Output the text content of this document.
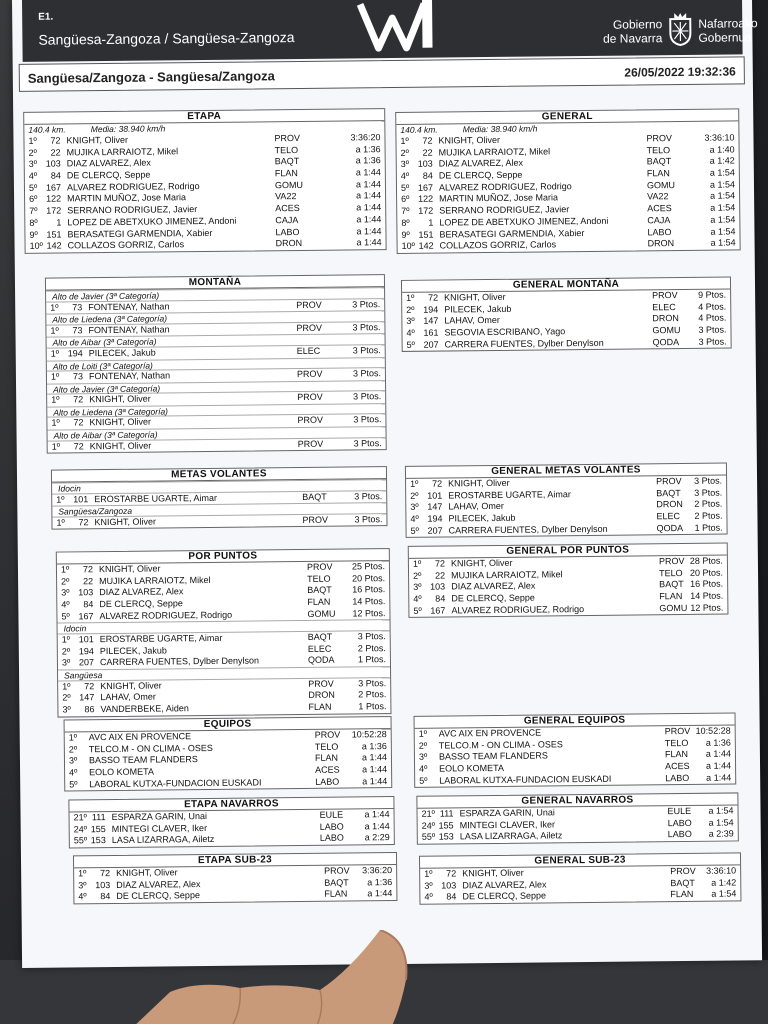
E1.
Sangüesa-Zangoza / Sangüesa-Zangoza
Gobierno
de Navarra
Nafarroako
Gobernua
Sangüesa/Zangoza - Sangüesa/Zangoza	26/05/2022 19:32:36
ETAPA
140.4 km.	Media: 38.940 km/h
1º	72 KNIGHT, Oliver	PROV	3:36:20
2º	22 MUJIKA LARRAIOTZ, Mikel	TELO	a 1:36
3º 103 DIAZ ALVAREZ, Alex	BAQT	a 1:36
4º	84 DE CLERCQ, Seppe	FLAN	a 1:44
5º 167 ALVAREZ RODRIGUEZ, Rodrigo	GOMU	a 1:44
6º 122 MARTIN MUÑOZ, Jose Maria	VA22	a 1:44
7º 172 SERRANO RODRIGUEZ, Javier	ACES	a 1:44
8º	1 LOPEZ DE ABETXUKO JIMENEZ, Andoni	CAJA	a 1:44
9º 151 BERASATEGI GARMENDIA, Xabier	LABO	a 1:44
10º 142 COLLAZOS GORRIZ, Carlos	DRON	a 1:44
MONTAÑA
Alto de Javier (3ª Categoría)
1º	73 FONTENAY, Nathan	PROV	3 Ptos.
Alto de Liedena (3ª Categoría)
1º	73 FONTENAY, Nathan	PROV	3 Ptos.
Alto de Aibar (3ª Categoría)
1º 194 PILECEK, Jakub	ELEC	3 Ptos.
Alto de Loiti (3ª Categoría)
1º	73 FONTENAY, Nathan	PROV	3 Ptos.
Alto de Javier (3ª Categoría)
1º	72 KNIGHT, Oliver	PROV	3 Ptos.
Alto de Liedena (3ª Categoría)
1º	72 KNIGHT, Oliver	PROV	3 Ptos.
Alto de Aibar (3ª Categoría)
1º	72 KNIGHT, Oliver	PROV	3 Ptos.
METAS VOLANTES
Idocin
1º 101 EROSTARBE UGARTE, Aimar	BAQT	3 Ptos.
Sangüesa/Zangoza
1º	72 KNIGHT, Oliver	PROV	3 Ptos.
POR PUNTOS
1º	72 KNIGHT, Oliver	PROV 25 Ptos.
2º	22 MUJIKA LARRAIOTZ, Mikel	TELO 20 Ptos.
3º 103 DIAZ ALVAREZ, Alex	BAQT 16 Ptos.
4º	84 DE CLERCQ, Seppe	FLAN 14 Ptos.
5º 167 ALVAREZ RODRIGUEZ, Rodrigo	GOMU 12 Ptos.
Idocin
1º 101 EROSTARBE UGARTE, Aimar	BAQT	3 Ptos.
2º 194 PILECEK, Jakub	ELEC	2 Ptos.
3º 207 CARRERA FUENTES, Dylber Denylson	QODA	1 Ptos.
Sangüesa
1º	72 KNIGHT, Oliver	PROV	3 Ptos.
2º 147 LAHAV, Omer	DRON	2 Ptos.
3º	86 VANDERBEKE, Aiden	FLAN	1 Ptos.
EQUIPOS
1º AVC AIX EN PROVENCE	PROV 10:52:28
2º TELCO.M - ON CLIMA - OSES	TELO	a 1:36
3º BASSO TEAM FLANDERS	FLAN	a 1:44
4º EOLO KOMETA	ACES a 1:44
5º LABORAL KUTXA-FUNDACION EUSKADI	LABO	a 1:44
ETAPA NAVARROS
21º 111 ESPARZA GARIN, Unai	EULE a 1:44
24º 155 MINTEGI CLAVER, Iker	LABO a 1:44
55º 153 LASA LIZARRAGA, Ailetz	LABO a 2:29
ETAPA SUB-23
1º	72 KNIGHT, Oliver	PROV 3:36:20
3º 103 DIAZ ALVAREZ, Alex	BAQT a 1:36
4º	84 DE CLERCQ, Seppe	FLAN a 1:44
GENERAL
140.4 km.	Media: 38.940 km/h
1º	72 KNIGHT, Oliver	PROV	3:36:10
2º	22 MUJIKA LARRAIOTZ, Mikel	TELO	a 1:40
3º 103 DIAZ ALVAREZ, Alex	BAQT	a 1:42
4º	84 DE CLERCQ, Seppe	FLAN	a 1:54
5º 167 ALVAREZ RODRIGUEZ, Rodrigo	GOMU	a 1:54
6º 122 MARTIN MUÑOZ, Jose Maria	VA22	a 1:54
7º 172 SERRANO RODRIGUEZ, Javier	ACES	a 1:54
8º	1 LOPEZ DE ABETXUKO JIMENEZ, Andoni	CAJA	a 1:54
9º 151 BERASATEGI GARMENDIA, Xabier	LABO	a 1:54
10º 142 COLLAZOS GORRIZ, Carlos	DRON	a 1:54
GENERAL MONTAÑA
1º	72 KNIGHT, Oliver	PROV 9 Ptos.
2º 194 PILECEK, Jakub	ELEC 4 Ptos.
3º 147 LAHAV, Omer	DRON 4 Ptos.
4º 161 SEGOVIA ESCRIBANO, Yago	GOMU 3 Ptos.
5º 207 CARRERA FUENTES, Dylber Denylson	QODA 3 Ptos.
GENERAL METAS VOLANTES
1º	72 KNIGHT, Oliver	PROV 3 Ptos.
2º 101 EROSTARBE UGARTE, Aimar	BAQT 3 Ptos.
3º 147 LAHAV, Omer	DRON 2 Ptos.
4º 194 PILECEK, Jakub	ELEC 2 Ptos.
5º 207 CARRERA FUENTES, Dylber Denylson	QODA 1 Ptos.
GENERAL POR PUNTOS
1º	72 KNIGHT, Oliver	PROV 28 Ptos.
2º	22 MUJIKA LARRAIOTZ, Mikel	TELO 20 Ptos.
3º 103 DIAZ ALVAREZ, Alex	BAQT 16 Ptos.
4º	84 DE CLERCQ, Seppe	FLAN 14 Ptos.
5º 167 ALVAREZ RODRIGUEZ, Rodrigo	GOMU 12 Ptos.
GENERAL EQUIPOS
1º AVC AIX EN PROVENCE	PROV 10:52:28
2º TELCO.M - ON CLIMA - OSES	TELO a 1:36
3º BASSO TEAM FLANDERS	FLAN a 1:44
4º EOLO KOMETA	ACES a 1:44
5º LABORAL KUTXA-FUNDACION EUSKADI	LABO a 1:44
GENERAL NAVARROS
21º 111 ESPARZA GARIN, Unai	EULE a 1:54
24º 155 MINTEGI CLAVER, Iker	LABO a 1:54
55º 153 LASA LIZARRAGA, Ailetz	LABO a 2:39
GENERAL SUB-23
1º	72 KNIGHT, Oliver	PROV 3:36:10
3º 103 DIAZ ALVAREZ, Alex	BAQT a 1:42
4º	84 DE CLERCQ, Seppe	FLAN a 1:54
